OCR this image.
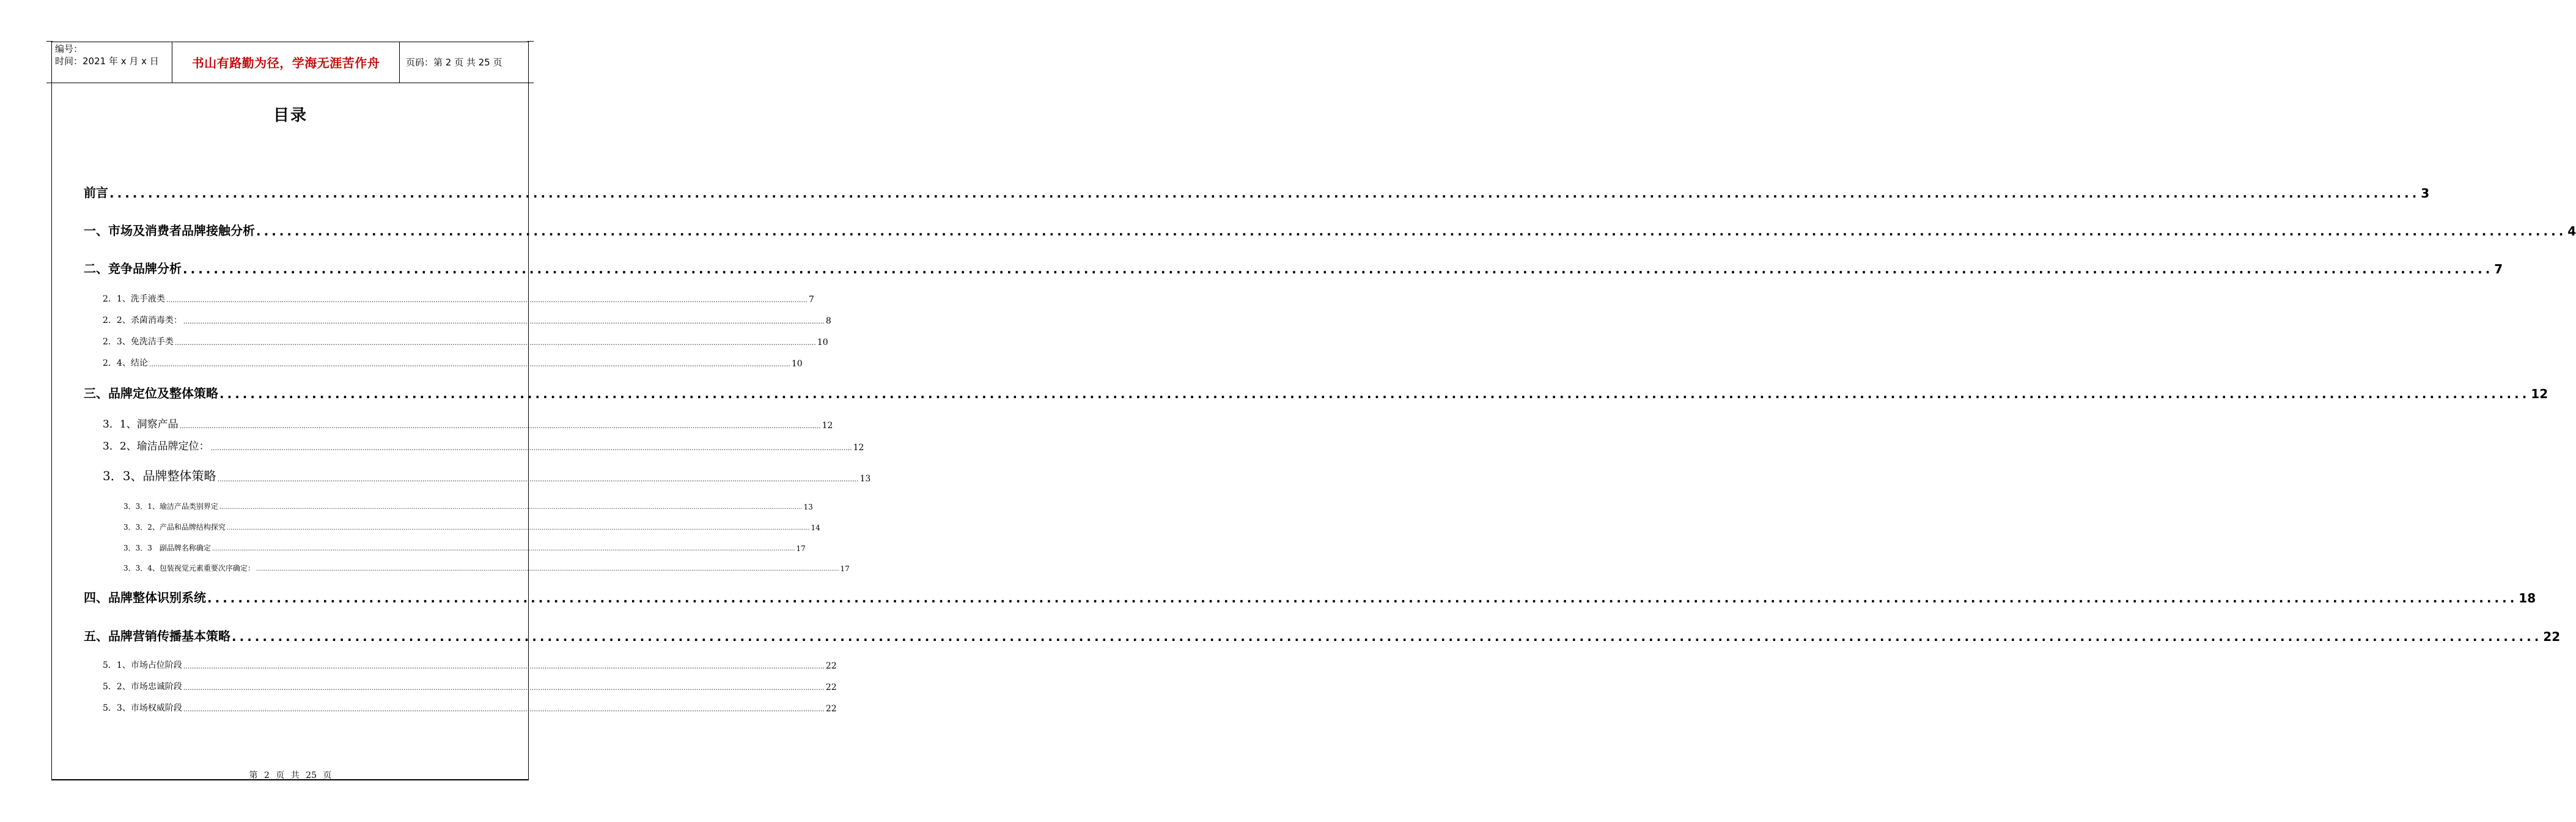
编号：
时间：2021 年 x 月 x 日	书山有路勤为径，学海无涯苦作舟	页码：第 2 页 共 25 页
目录
前言 ............................................................................................................................................................................................................................................................................................................ 3
一、市场及消费者品牌接触分析 ............................................................................................................................................................................................................................................................................................................ 4
二、竞争品牌分析 ............................................................................................................................................................................................................................................................................................................ 7
2．1、洗手液类 ............................................................................................................................................................................................................................................................................................................ 7
2．2、杀菌消毒类： ............................................................................................................................................................................................................................................................................................................ 8
2．3、免洗洁手类 ............................................................................................................................................................................................................................................................................................................ 10
2．4、结论 ............................................................................................................................................................................................................................................................................................................ 10
三、品牌定位及整体策略 ............................................................................................................................................................................................................................................................................................................ 12
3．1、洞察产品 ............................................................................................................................................................................................................................................................................................................ 12
3．2、瑜洁品牌定位： ............................................................................................................................................................................................................................................................................................................ 12
3．3、品牌整体策略 ............................................................................................................................................................................................................................................................................................................ 13
3．3．1、瑜洁产品类别界定 ............................................................................................................................................................................................................................................................................................................ 13
3．3．2、产品和品牌结构探究 ............................................................................................................................................................................................................................................................................................................ 14
3．3．3　副品牌名称确定 ............................................................................................................................................................................................................................................................................................................ 17
3．3．4、包装视觉元素重要次序确定： ............................................................................................................................................................................................................................................................................................................ 17
四、品牌整体识别系统 ............................................................................................................................................................................................................................................................................................................ 18
五、品牌营销传播基本策略 ............................................................................................................................................................................................................................................................................................................ 22
5．1、市场占位阶段 ............................................................................................................................................................................................................................................................................................................ 22
5．2、市场忠诚阶段 ............................................................................................................................................................................................................................................................................................................ 22
5．3、市场权威阶段 ............................................................................................................................................................................................................................................................................................................ 22
第 2 页 共 25 页
